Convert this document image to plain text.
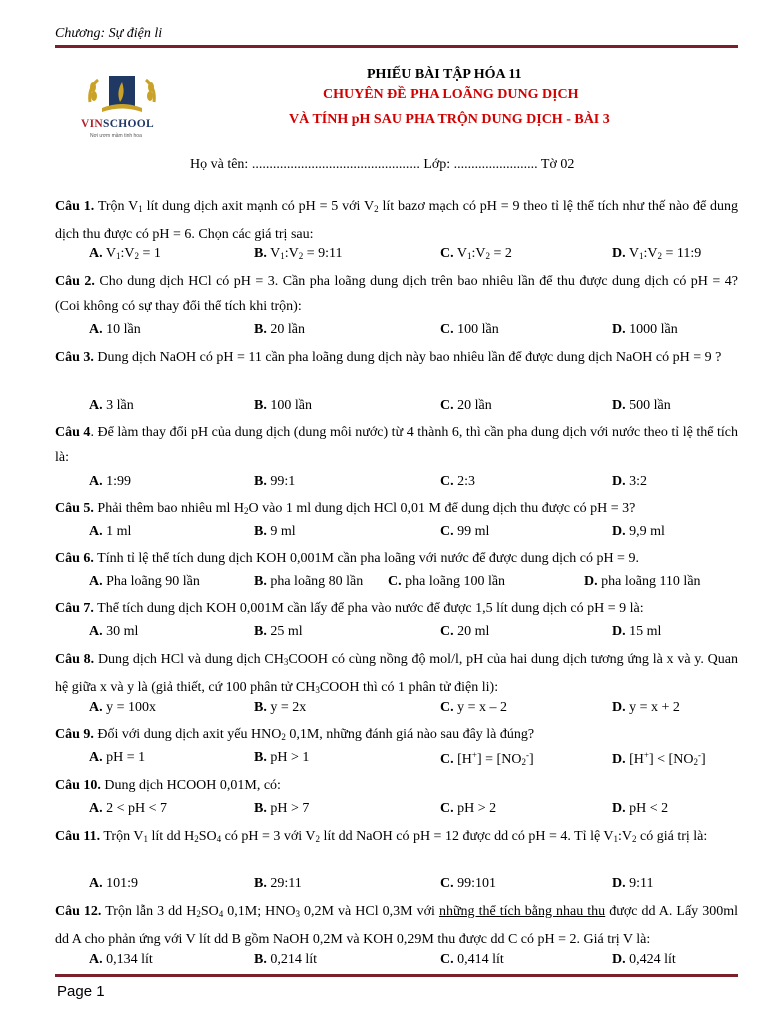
Chương: Sự điện li
VINSCHOOL
Nơi ươm mầm tinh hoa
PHIẾU BÀI TẬP HÓA 11
CHUYÊN ĐỀ PHA LOÃNG DUNG DỊCH
VÀ TÍNH pH SAU PHA TRỘN DUNG DỊCH - BÀI 3
Họ và tên: ................................................ Lớp: ........................ Tờ 02
Câu 1. Trộn $V_1$ lít dung dịch axit mạnh có pH = 5 với $V_2$ lít bazơ mạch có pH = 9 theo tỉ lệ thể tích như thế nào để dung dịch thu được có pH = 6. Chọn các giá trị sau:
A. $V_1:V_2 = 1$	B. $V_1:V_2$ = 9:11	C. $V_1:V_2 = 2$	D. $V_1:V_2$ = 11:9
Câu 2. Cho dung dịch HCl có pH = 3. Cần pha loãng dung dịch trên bao nhiêu lần để thu được dung dịch có pH = 4? (Coi không có sự thay đổi thể tích khi trộn):
A. 10 lần	B. 20 lần	C. 100 lần	D. 1000 lần
Câu 3. Dung dịch NaOH có pH = 11 cần pha loãng dung dịch này bao nhiêu lần để được dung dịch NaOH có pH = 9 ?
A. 3 lần	B. 100 lần	C. 20 lần	D. 500 lần
Câu 4. Để làm thay đổi pH của dung dịch (dung môi nước) từ 4 thành 6, thì cần pha dung dịch với nước theo tỉ lệ thể tích là:
A. 1:99	B. 99:1	C. 2:3	D. 3:2
Câu 5. Phải thêm bao nhiêu ml $H_2O$ vào 1 ml dung dịch HCl 0,01 M để dung dịch thu được có pH = 3?
A. 1 ml	B. 9 ml	C. 99 ml	D. 9,9 ml
Câu 6. Tính tỉ lệ thể tích dung dịch KOH 0,001M cần pha loãng với nước để được dung dịch có pH = 9.
A. Pha loãng 90 lần	B. pha loãng 80 lần C. pha loãng 100 lần	D. pha loãng 110 lần
Câu 7. Thể tích dung dịch KOH 0,001M cần lấy để pha vào nước để được 1,5 lít dung dịch có pH = 9 là:
A. 30 ml	B. 25 ml	C. 20 ml	D. 15 ml
Câu 8. Dung dịch HCl và dung dịch $CH_3COOH$ có cùng nồng độ mol/l, pH của hai dung dịch tương ứng là x và y. Quan hệ giữa x và y là (giả thiết, cứ 100 phân tử $CH_3COOH$ thì có 1 phân tử điện li):
A. y = 100x	B. y = 2x	C. y = x – 2	D. y = x + 2
Câu 9. Đối với dung dịch axit yếu $HNO_2$ 0,1M, những đánh giá nào sau đây là đúng?
A. pH = 1	B. pH > 1	C. $[H^+] = [NO_2^-]$	D. $[H^+] < [NO_2^-]$
Câu 10. Dung dịch HCOOH 0,01M, có:
A. 2 < pH < 7	B. pH > 7	C. pH > 2	D. pH < 2
Câu 11. Trộn $V_1$ lít dd $H_2SO_4$ có pH = 3 với $V_2$ lít dd NaOH có pH = 12 được dd có pH = 4. Tỉ lệ $V_1:V_2$ có giá trị là:
A. 101:9	B. 29:11	C. 99:101	D. 9:11
Câu 12. Trộn lẫn 3 dd $H_2SO_4$ 0,1M; $HNO_3$ 0,2M và HCl 0,3M với những thể tích bằng nhau thu được dd A. Lấy 300ml dd A cho phản ứng với V lít dd B gồm NaOH 0,2M và KOH 0,29M thu được dd C có pH = 2. Giá trị V là:
A. 0,134 lít	B. 0,214 lít	C. 0,414 lít	D. 0,424 lít
Page 1
